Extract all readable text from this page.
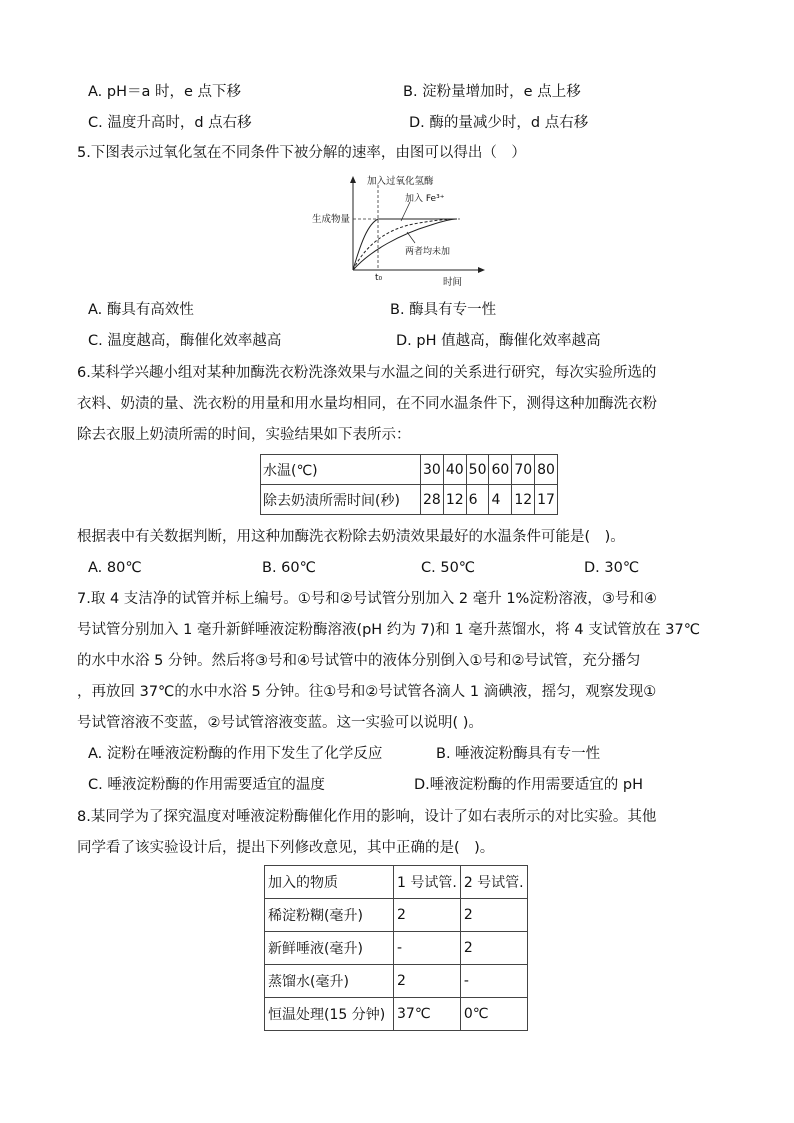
A. pH＝a 时，e 点下移	B. 淀粉量增加时，e 点上移
C. 温度升高时，d 点右移	D. 酶的量减少时，d 点右移
5.下图表示过氧化氢在不同条件下被分解的速率，由图可以得出（　）
加入过氧化氢酶
加入 Fe³⁺
两者均未加
生成物量
时间
t₀
A. 酶具有高效性	B. 酶具有专一性
C. 温度越高，酶催化效率越高	D. pH 值越高，酶催化效率越高
6.某科学兴趣小组对某种加酶洗衣粉洗涤效果与水温之间的关系进行研究，每次实验所选的
衣料、奶渍的量、洗衣粉的用量和用水量均相同，在不同水温条件下，测得这种加酶洗衣粉
除去衣服上奶渍所需的时间，实验结果如下表所示：
水温(℃)	30	40	50	60	70	80
除去奶渍所需时间(秒)	28	12	6	4	12	17
根据表中有关数据判断，用这种加酶洗衣粉除去奶渍效果最好的水温条件可能是(　)。
A. 80℃	B. 60℃	C. 50℃	D. 30℃
7.取 4 支洁净的试管并标上编号。①号和②号试管分别加入 2 毫升 1%淀粉溶液，③号和④
号试管分别加入 1 毫升新鲜唾液淀粉酶溶液(pH 约为 7)和 1 毫升蒸馏水，将 4 支试管放在 37℃
的水中水浴 5 分钟。然后将③号和④号试管中的液体分别倒入①号和②号试管，充分播匀
，再放回 37℃的水中水浴 5 分钟。往①号和②号试管各滴人 1 滴碘液，摇匀，观察发现①
号试管溶液不变蓝，②号试管溶液变蓝。这一实验可以说明( )。
A. 淀粉在唾液淀粉酶的作用下发生了化学反应	B. 唾液淀粉酶具有专一性
C. 唾液淀粉酶的作用需要适宜的温度	D.唾液淀粉酶的作用需要适宜的 pH
8.某同学为了探究温度对唾液淀粉酶催化作用的影响，设计了如右表所示的对比实验。其他
同学看了该实验设计后，提出下列修改意见，其中正确的是(　)。
加入的物质	1 号试管.	2 号试管.
稀淀粉糊(毫升)	2	2
新鲜唾液(毫升)	-	2
蒸馏水(毫升)	2	-
恒温处理(15 分钟)	37℃	0℃
